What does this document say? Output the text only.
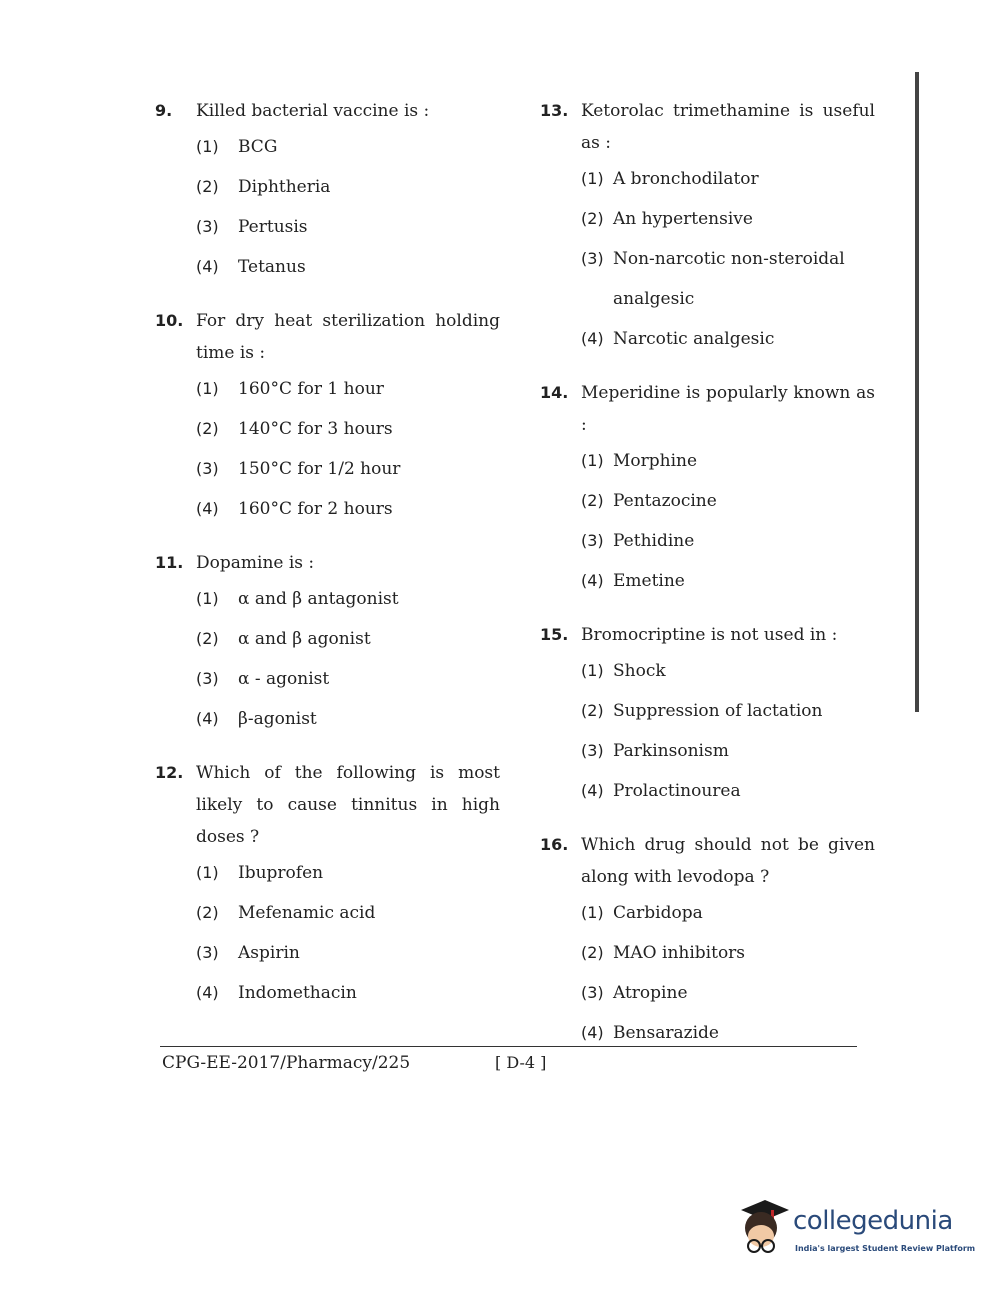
9.	Killed bacterial vaccine is :
(1)	BCG
(2)	Diphtheria
(3)	Pertusis
(4)	Tetanus
10. For dry heat sterilization holding time is :
(1)	160°C for 1 hour
(2)	140°C for 3 hours
(3)	150°C for 1/2 hour
(4)	160°C for 2 hours
11. Dopamine is :
(1)	α and β antagonist
(2)	α and β agonist
(3)	α - agonist
(4)	β-agonist
12. Which of the following is most likely to cause tinnitus in high doses ?
(1)	Ibuprofen
(2)	Mefenamic acid
(3)	Aspirin
(4)	Indomethacin
13. Ketorolac trimethamine is useful as :
(1) A bronchodilator
(2) An hypertensive
(3) Non-narcotic non-steroidal analgesic
(4) Narcotic analgesic
14. Meperidine is popularly known as :
(1) Morphine
(2) Pentazocine
(3) Pethidine
(4) Emetine
15. Bromocriptine is not used in :
(1) Shock
(2) Suppression of lactation
(3) Parkinsonism
(4) Prolactinourea
16. Which drug should not be given along with levodopa ?
(1) Carbidopa
(2) MAO inhibitors
(3) Atropine
(4) Bensarazide
CPG-EE-2017/Pharmacy/225	[ D-4 ]
collegedunia
India's largest Student Review Platform
